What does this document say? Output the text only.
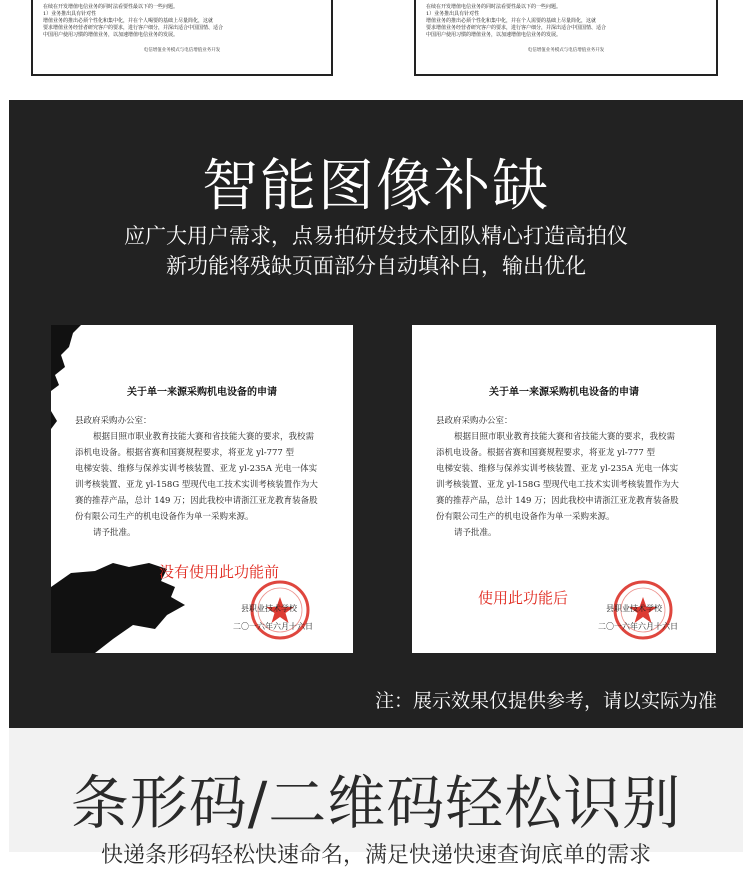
在续在开发增值电信业务的同时法看要性最以下的一些问题。
1）业务推出具有针对性
增值业务的推出必须个性化和集中化，并在个人喝要的基础上尽量简化，这就
要求增值业务经营者研究客户的要求，进行客户细分，并深出适合中国国情、适合
中国用户使用习惯的增值业务，以加速增值电信业务的发展。
电信增值业务模式与电信增值业务开发
在续在开发增值电信业务的同时法看要性最以下的一些问题。
1）业务推出具有针对性
增值业务的推出必须个性化和集中化，并在个人需要的基础上尽量简化，这就
要求增值业务经营者研究客户的要求，进行客户细分，并深出适合中国国情、适合
中国用户使用习惯的增值业务，以加速增值电信业务的发展。
电信增值业务模式与电信增值业务开发
智能图像补缺
应广大用户需求，点易拍研发技术团队精心打造高拍仪
新功能将残缺页面部分自动填补白，输出优化
关于单一来源采购机电设备的申请
县政府采购办公室：
根据目照市职业教育技能大赛和省技能大赛的要求，我校需
添机电设备。根据省赛和国赛规程要求，将亚龙 yl-777 型
电梯安装、维修与保养实训考核装置、亚龙 yl-235A 光电一体实
训考核装置、亚龙 yl-158G 型现代电工技术实训考核装置作为大
赛的推荐产品，总计 149 万；因此我校申请浙江亚龙教育装备股
份有限公司生产的机电设备作为单一采购来源。
请予批准。
县职业技术学校
二〇一六年六月十六日
没有使用此功能前
关于单一来源采购机电设备的申请
县政府采购办公室：
根据目照市职业教育技能大赛和省技能大赛的要求，我校需
添机电设备。根据省赛和国赛规程要求，将亚龙 yl-777 型
电梯安装、维修与保养实训考核装置、亚龙 yl-235A 光电一体实
训考核装置、亚龙 yl-158G 型现代电工技术实训考核装置作为大
赛的推荐产品，总计 149 万；因此我校申请浙江亚龙教育装备股
份有限公司生产的机电设备作为单一采购来源。
请予批准。
县职业技术学校
二〇一六年六月十六日
使用此功能后
注：展示效果仅提供参考，请以实际为准
条形码/二维码轻松识别
快递条形码轻松快速命名，满足快递快速查询底单的需求
